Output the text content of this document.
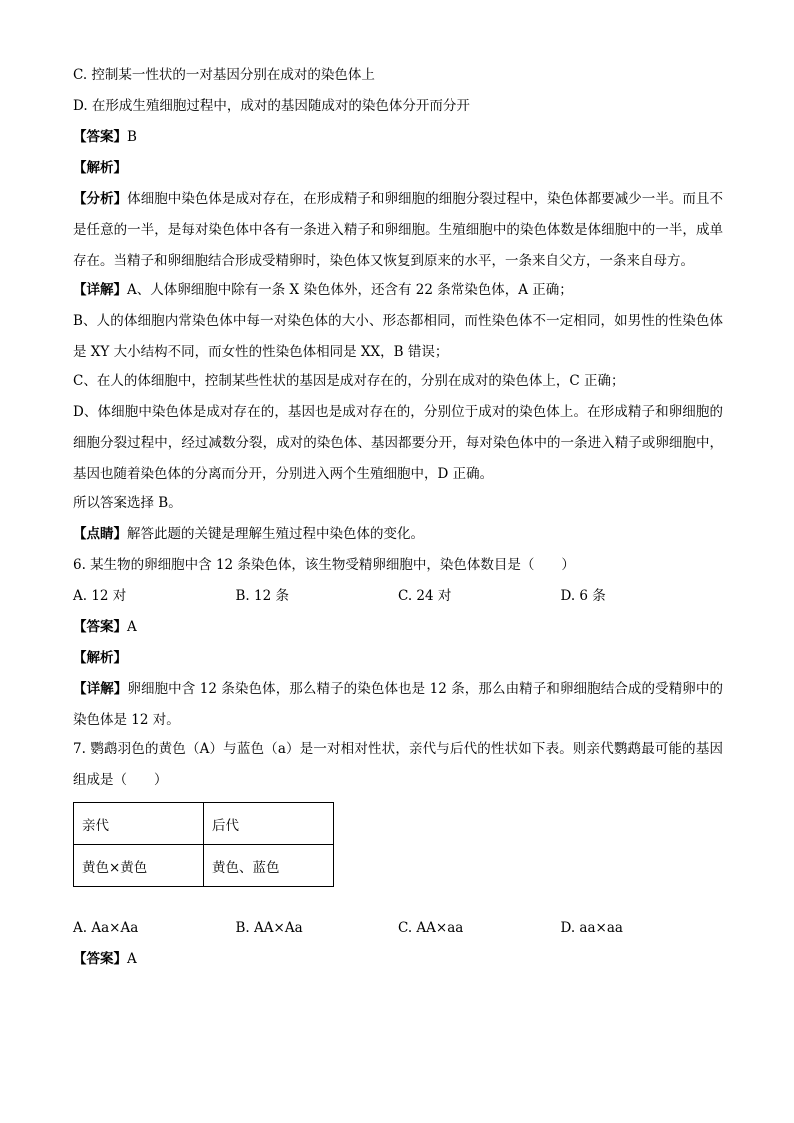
C. 控制某一性状的一对基因分别在成对的染色体上

D. 在形成生殖细胞过程中，成对的基因随成对的染色体分开而分开

【答案】B

【解析】

【分析】体细胞中染色体是成对存在，在形成精子和卵细胞的细胞分裂过程中，染色体都要减少一半。而且不是任意的一半，是每对染色体中各有一条进入精子和卵细胞。生殖细胞中的染色体数是体细胞中的一半，成单存在。当精子和卵细胞结合形成受精卵时，染色体又恢复到原来的水平，一条来自父方，一条来自母方。

【详解】A、人体卵细胞中除有一条 X 染色体外，还含有 22 条常染色体，A 正确；

B、人的体细胞内常染色体中每一对染色体的大小、形态都相同，而性染色体不一定相同，如男性的性染色体是 XY 大小结构不同，而女性的性染色体相同是 XX，B 错误；

C、在人的体细胞中，控制某些性状的基因是成对存在的，分别在成对的染色体上，C 正确；

D、体细胞中染色体是成对存在的，基因也是成对存在的，分别位于成对的染色体上。在形成精子和卵细胞的细胞分裂过程中，经过减数分裂，成对的染色体、基因都要分开，每对染色体中的一条进入精子或卵细胞中，基因也随着染色体的分离而分开，分别进入两个生殖细胞中，D 正确。

所以答案选择 B。

【点睛】解答此题的关键是理解生殖过程中染色体的变化。

6. 某生物的卵细胞中含 12 条染色体，该生物受精卵细胞中，染色体数目是（　　）

A. 12 对	B. 12 条	C. 24 对	D. 6 条

【答案】A

【解析】

【详解】卵细胞中含 12 条染色体，那么精子的染色体也是 12 条，那么由精子和卵细胞结合成的受精卵中的染色体是 12 对。

7. 鹦鹉羽色的黄色（A）与蓝色（a）是一对相对性状，亲代与后代的性状如下表。则亲代鹦鹉最可能的基因组成是（　　）

亲代	后代
黄色×黄色	黄色、蓝色
A. Aa×Aa	B. AA×Aa	C. AA×aa	D. aa×aa

【答案】A
